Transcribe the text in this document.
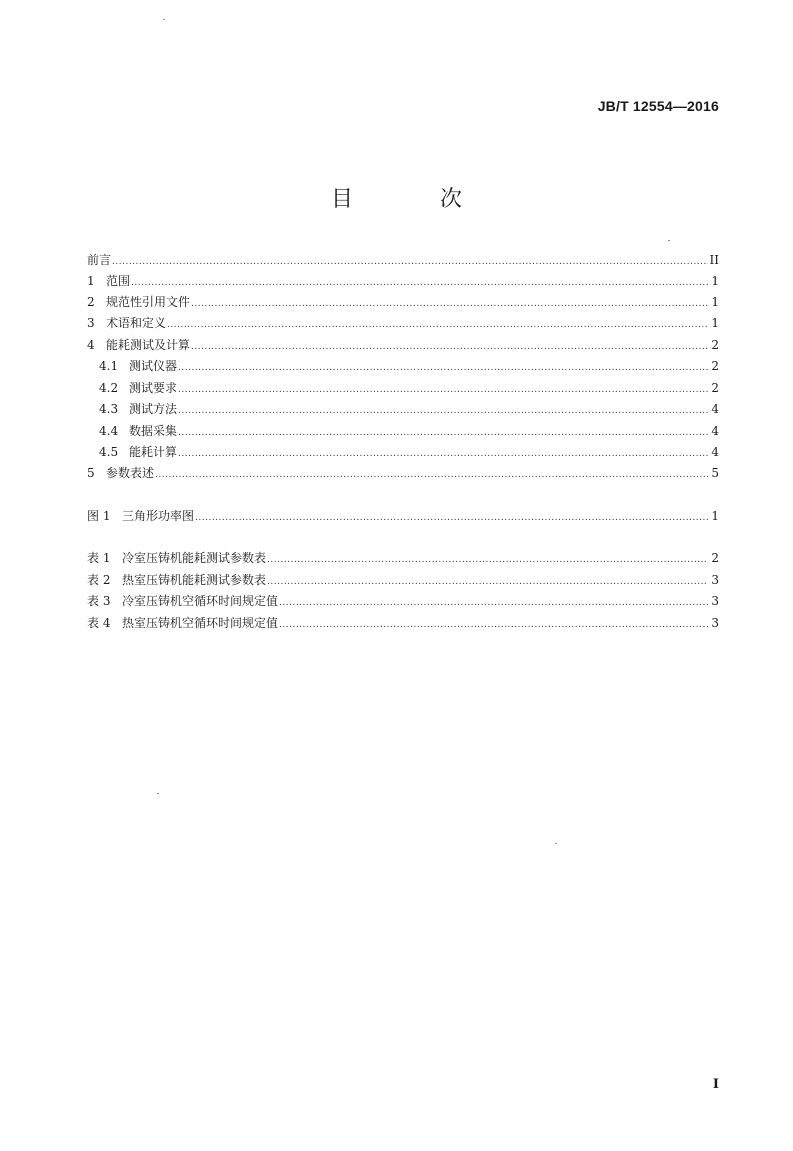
JB/T 12554—2016
目 次
前言 .....	II
1 范围 .....	1
2 规范性引用文件 .....	1
3 术语和定义 .....	1
4 能耗测试及计算 .....	2
4.1 测试仪器 .....	2
4.2 测试要求 .....	2
4.3 测试方法 .....	4
4.4 数据采集 .....	4
4.5 能耗计算 .....	4
5 参数表述 .....	5
图 1 三角形功率图 .....	1
表 1 冷室压铸机能耗测试参数表 .....	2
表 2 热室压铸机能耗测试参数表 .....	3
表 3 冷室压铸机空循环时间规定值 .....	3
表 4 热室压铸机空循环时间规定值 .....	3
I
